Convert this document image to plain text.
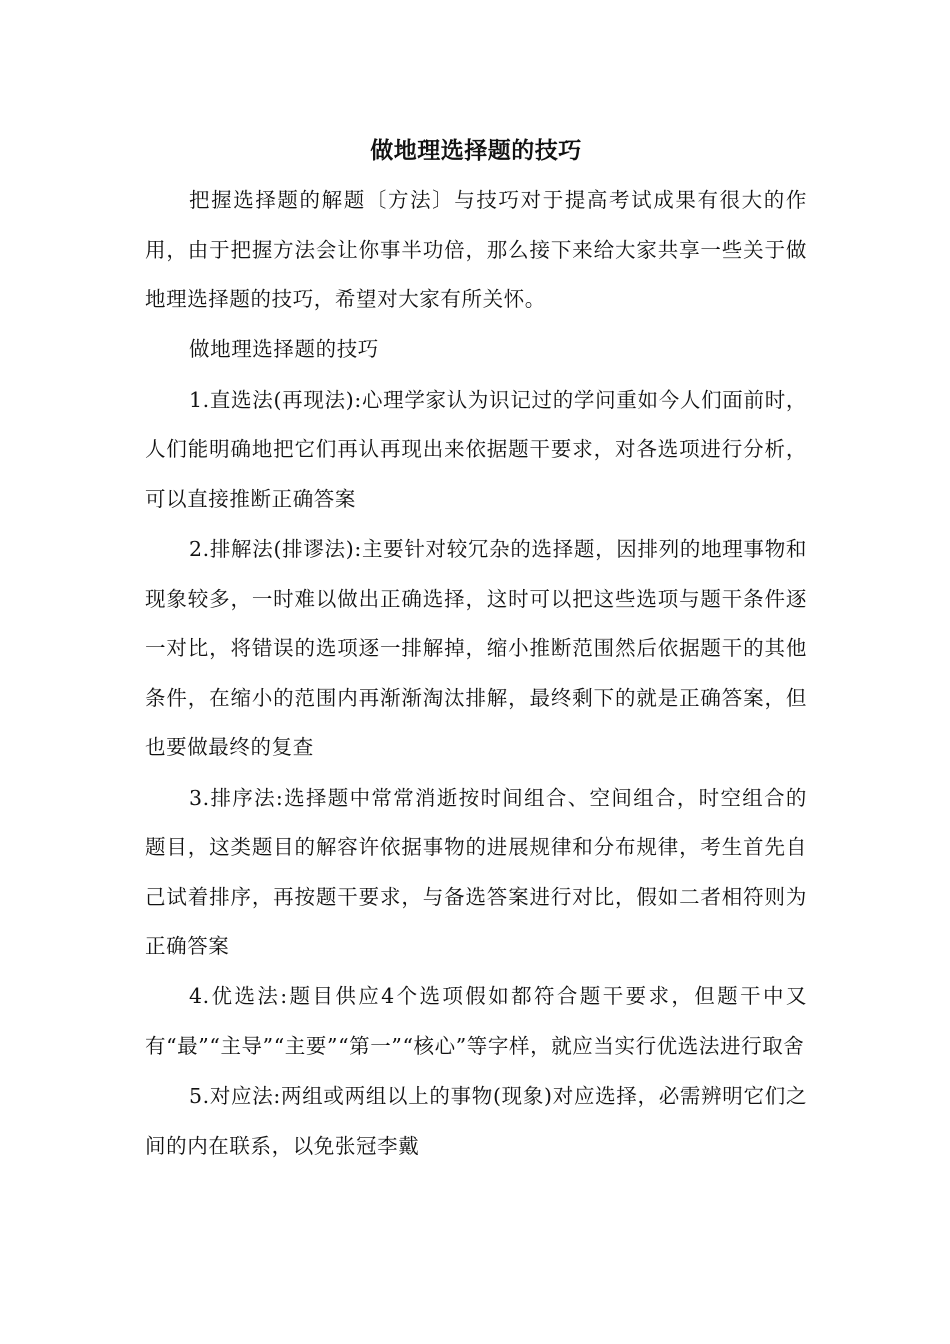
做地理选择题的技巧

把握选择题的解题〔方法〕与技巧对于提高考试成果有很大的作用，由于把握方法会让你事半功倍，那么接下来给大家共享一些关于做地理选择题的技巧，希望对大家有所关怀。

做地理选择题的技巧

1.直选法(再现法):心理学家认为识记过的学问重如今人们面前时，人们能明确地把它们再认再现出来依据题干要求，对各选项进行分析，可以直接推断正确答案

2.排解法(排谬法):主要针对较冗杂的选择题，因排列的地理事物和现象较多，一时难以做出正确选择，这时可以把这些选项与题干条件逐一对比，将错误的选项逐一排解掉，缩小推断范围然后依据题干的其他条件，在缩小的范围内再渐渐淘汰排解，最终剩下的就是正确答案，但也要做最终的复查

3.排序法:选择题中常常消逝按时间组合、空间组合，时空组合的题目，这类题目的解容许依据事物的进展规律和分布规律，考生首先自己试着排序，再按题干要求，与备选答案进行对比，假如二者相符则为正确答案

4.优选法:题目供应4个选项假如都符合题干要求，但题干中又有“最”“主导”“主要”“第一”“核心”等字样，就应当实行优选法进行取舍

5.对应法:两组或两组以上的事物(现象)对应选择，必需辨明它们之间的内在联系，以免张冠李戴
